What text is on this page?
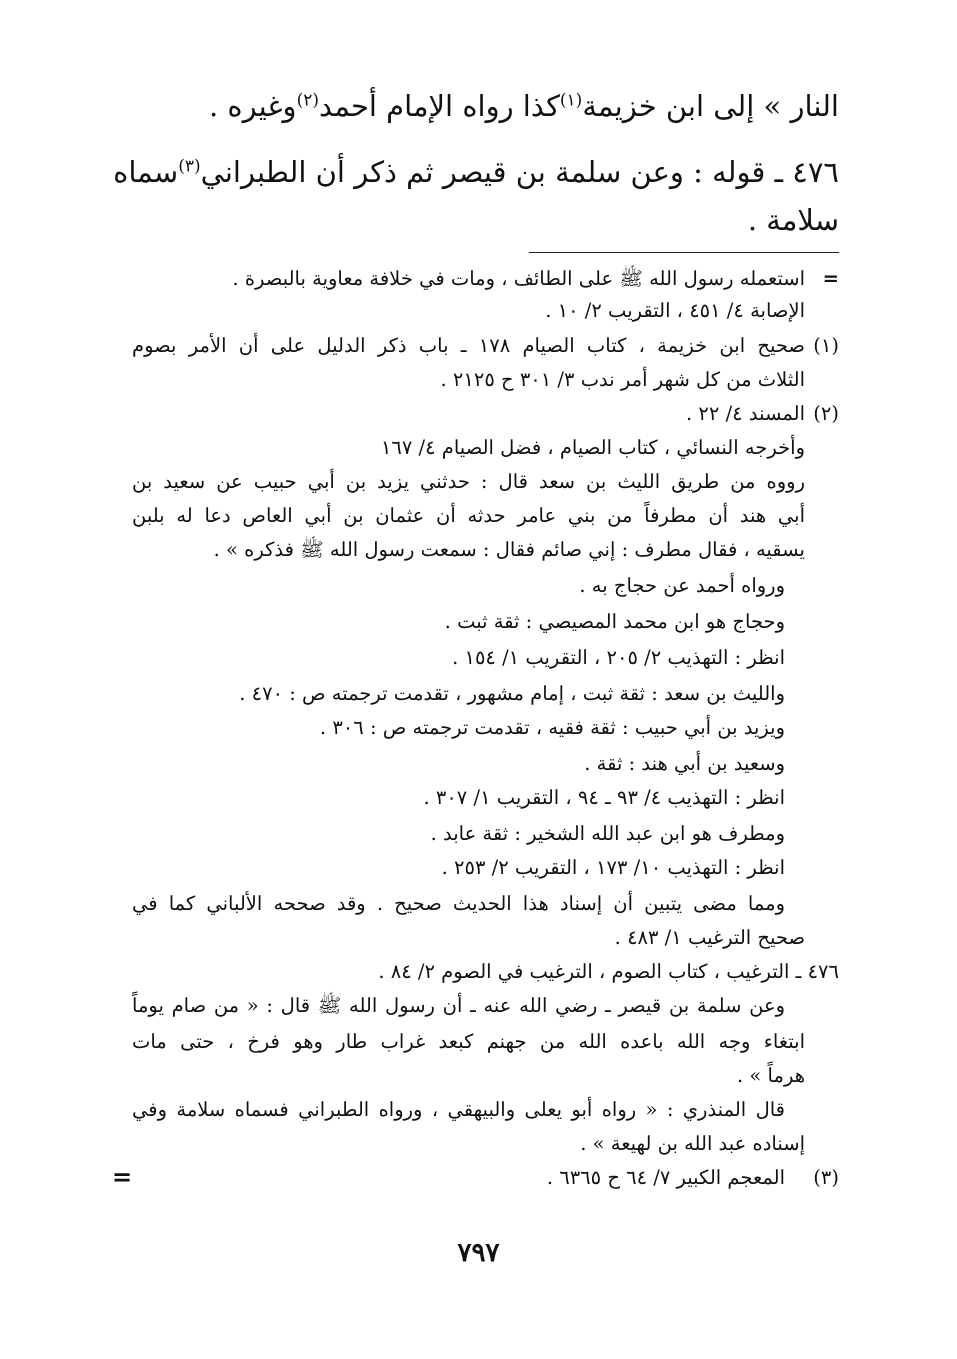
النار » إلى ابن خزيمة$^{(١)}$كذا رواه الإمام أحمد$^{(٢)}$وغيره .
٤٧٦ ـ قوله : وعن سلمة بن قيصر ثم ذكر أن الطبراني$^{(٣)}$سماه
سلامة .
=
استعمله رسول الله ﷺ على الطائف ، ومات في خلافة معاوية بالبصرة .
الإصابة ٤/ ٤٥١ ، التقريب ٢/ ١٠ .
(١)
صحيح ابن خزيمة ، كتاب الصيام ١٧٨ ـ باب ذكر الدليل على أن الأمر بصوم
الثلاث من كل شهر أمر ندب ٣/ ٣٠١ ح ٢١٢٥ .
(٢)
المسند ٤/ ٢٢ .
وأخرجه النسائي ، كتاب الصيام ، فضل الصيام ٤/ ١٦٧
رووه من طريق الليث بن سعد قال : حدثني يزيد بن أبي حبيب عن سعيد بن
أبي هند أن مطرفاً من بني عامر حدثه أن عثمان بن أبي العاص دعا له بلبن
يسقيه ، فقال مطرف : إني صائم فقال : سمعت رسول الله ﷺ فذكره » .
ورواه أحمد عن حجاج به .
وحجاج هو ابن محمد المصيصي : ثقة ثبت .
انظر : التهذيب ٢/ ٢٠٥ ، التقريب ١/ ١٥٤ .
والليث بن سعد : ثقة ثبت ، إمام مشهور ، تقدمت ترجمته ص : ٤٧٠ .
ويزيد بن أبي حبيب : ثقة فقيه ، تقدمت ترجمته ص : ٣٠٦ .
وسعيد بن أبي هند : ثقة .
انظر : التهذيب ٤/ ٩٣ ـ ٩٤ ، التقريب ١/ ٣٠٧ .
ومطرف هو ابن عبد الله الشخير : ثقة عابد .
انظر : التهذيب ١٠/ ١٧٣ ، التقريب ٢/ ٢٥٣ .
ومما مضى يتبين أن إسناد هذا الحديث صحيح . وقد صححه الألباني كما في
صحيح الترغيب ١/ ٤٨٣ .
٤٧٦ ـ الترغيب ، كتاب الصوم ، الترغيب في الصوم ٢/ ٨٤ .
وعن سلمة بن قيصر ـ رضي الله عنه ـ أن رسول الله ﷺ قال : « من صام يوماً
ابتغاء وجه الله باعده الله من جهنم كبعد غراب طار وهو فرخ ، حتى مات
هرماً » .
قال المنذري : « رواه أبو يعلى والبيهقي ، ورواه الطبراني فسماه سلامة وفي
إسناده عبد الله بن لهيعة » .
(٣)
المعجم الكبير ٧/ ٦٤ ح ٦٣٦٥ .
=
٧٩٧
